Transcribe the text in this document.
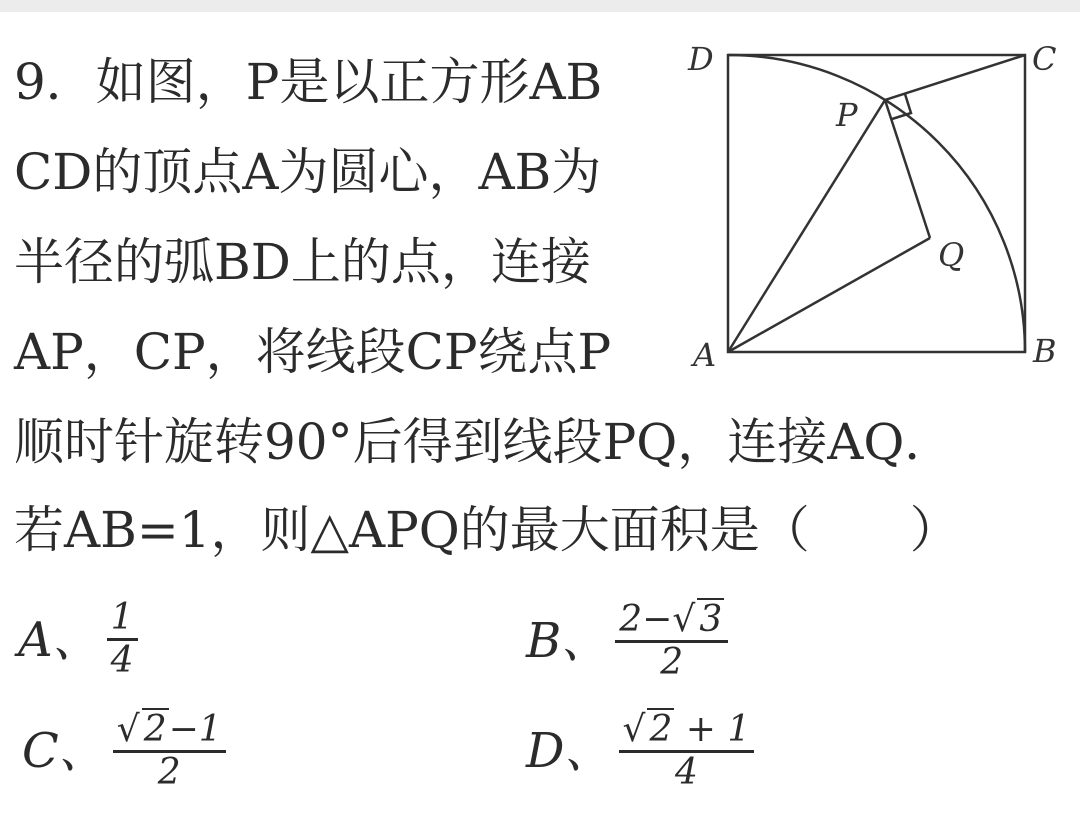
9．如图，P是以正方形AB
CD的顶点A为圆心，AB为
半径的弧BD上的点，连接
AP，CP，将线段CP绕点P
顺时针旋转90°后得到线段PQ，连接AQ．
若AB=1，则△APQ的最大面积是（　　）
A、 $\frac{1}{4}$	B、 $\frac{2-√ 3}{2}$
C、 $\frac{√ 2-1}{2}$	D、 $\frac{√ 2 + 1}{4}$
D	C
P
Q
A	B
